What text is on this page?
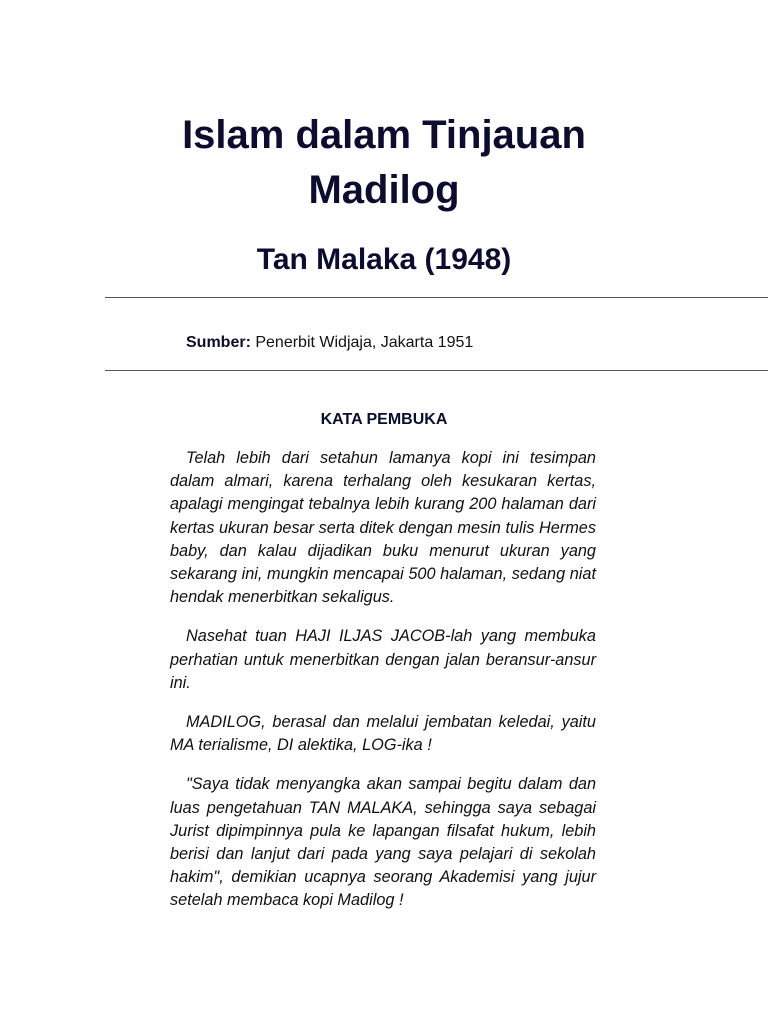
Islam dalam Tinjauan
Madilog
Tan Malaka (1948)
Sumber: Penerbit Widjaja, Jakarta 1951
KATA PEMBUKA

Telah lebih dari setahun lamanya kopi ini tesimpan dalam almari, karena terhalang oleh kesukaran kertas, apalagi mengingat tebalnya lebih kurang 200 halaman dari kertas ukuran besar serta ditek dengan mesin tulis Hermes baby, dan kalau dijadikan buku menurut ukuran yang sekarang ini, mungkin mencapai 500 halaman, sedang niat hendak menerbitkan sekaligus.

Nasehat tuan HAJI ILJAS JACOB-lah yang membuka perhatian untuk menerbitkan dengan jalan beransur-ansur ini.

MADILOG, berasal dan melalui jembatan keledai, yaitu MA terialisme, DI alektika, LOG-ika !

"Saya tidak menyangka akan sampai begitu dalam dan luas pengetahuan TAN MALAKA, sehingga saya sebagai Jurist dipimpinnya pula ke lapangan filsafat hukum, lebih berisi dan lanjut dari pada yang saya pelajari di sekolah hakim", demikian ucapnya seorang Akademisi yang jujur setelah membaca kopi Madilog !
